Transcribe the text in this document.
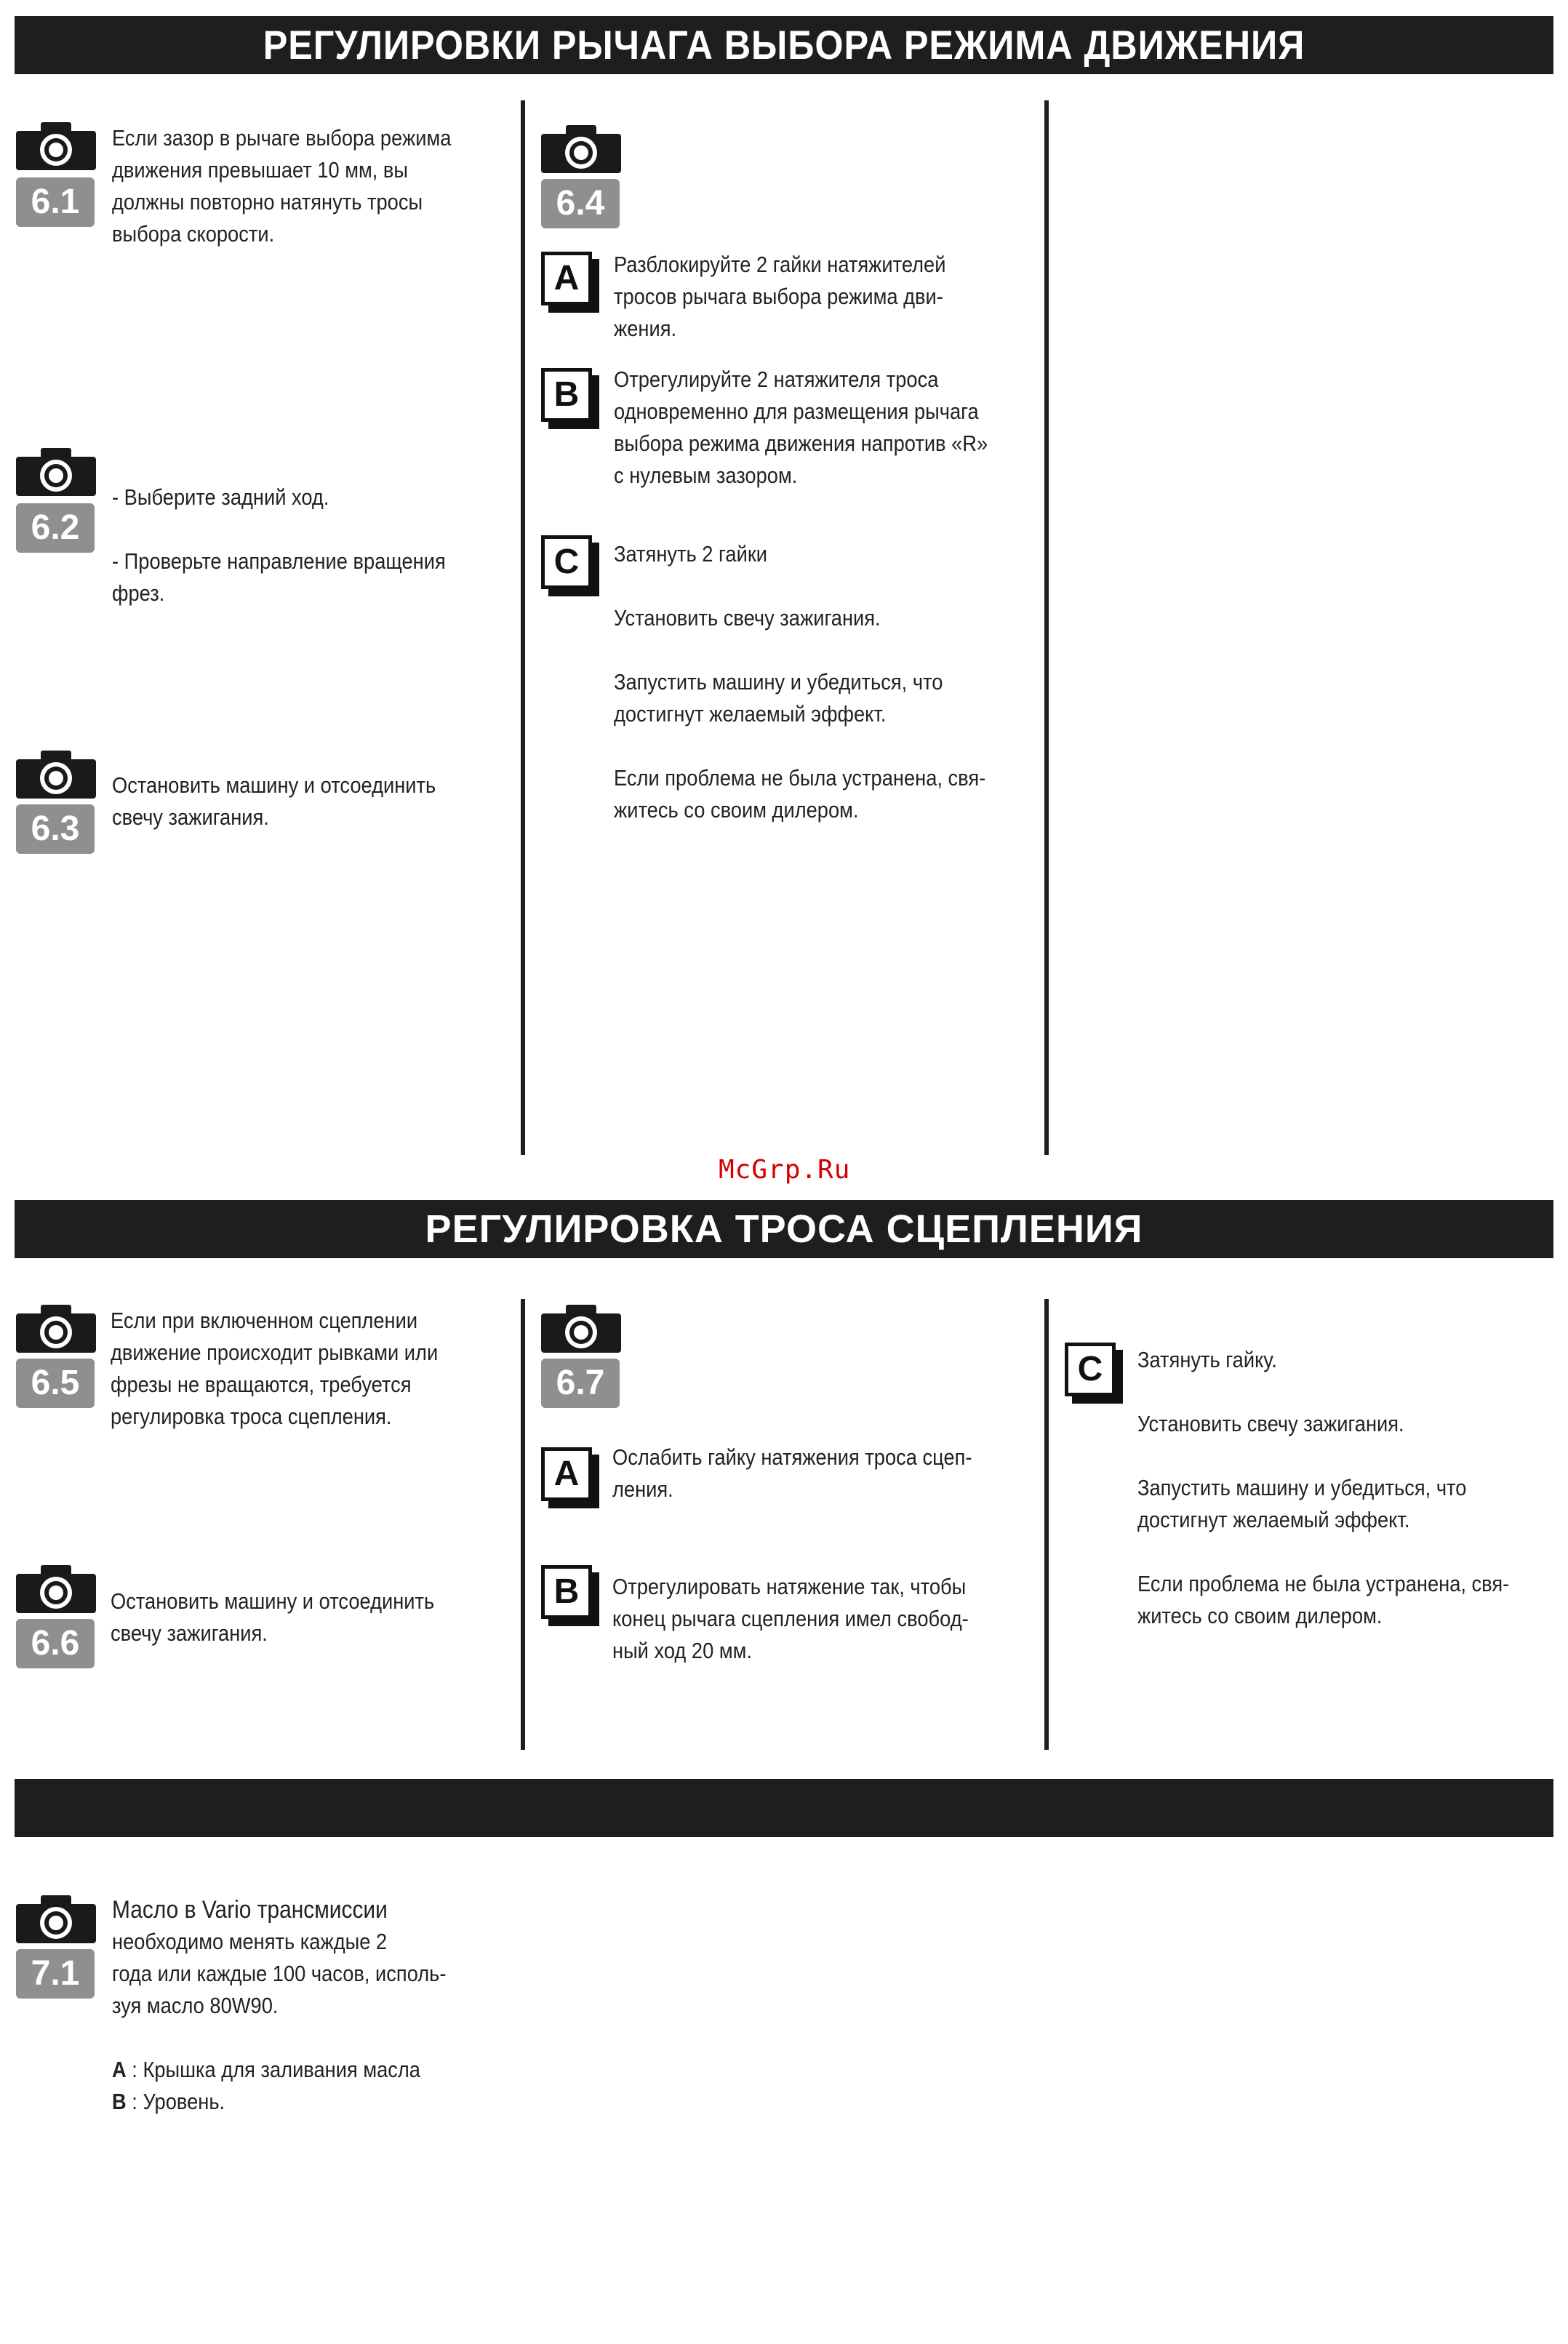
РЕГУЛИРОВКИ РЫЧАГА ВЫБОРА РЕЖИМА ДВИЖЕНИЯ
6.1

Если зазор в рычаге выбора режима
движения превышает 10 мм, вы
должны повторно натянуть тросы
выбора скорости.

6.2

- Выберите задний ход.

- Проверьте направление вращения
фрез.

6.3

Остановить машину и отсоединить
свечу зажигания.

6.4
A	Разблокируйте 2 гайки натяжителей
тросов рычага выбора режима дви-
жения.

B	Отрегулируйте 2 натяжителя троса
одновременно для размещения рычага
выбора режима движения напротив «R»
с нулевым зазором.

C	Затянуть 2 гайки

Установить свечу зажигания.

Запустить машину и убедиться, что
достигнут желаемый эффект.

Если проблема не была устранена, свя-
житесь со своим дилером.

McGrp.Ru
РЕГУЛИРОВКА ТРОСА СЦЕПЛЕНИЯ
6.5

Если при включенном сцеплении
движение происходит рывками или
фрезы не вращаются, требуется
регулировка троса сцепления.

6.6

Остановить машину и отсоединить
свечу зажигания.

6.7
A	Ослабить гайку натяжения троса сцеп-
ления.

B	Отрегулировать натяжение так, чтобы
конец рычага сцепления имел свобод-
ный ход 20 мм.

C	Затянуть гайку.

Установить свечу зажигания.

Запустить машину и убедиться, что
достигнут желаемый эффект.

Если проблема не была устранена, свя-
житесь со своим дилером.

7.1

Масло в Vario трансмиссии

необходимо менять каждые 2
года или каждые 100 часов, исполь-
зуя масло 80W90.

A : Крышка для заливания масла

B : Уровень.
